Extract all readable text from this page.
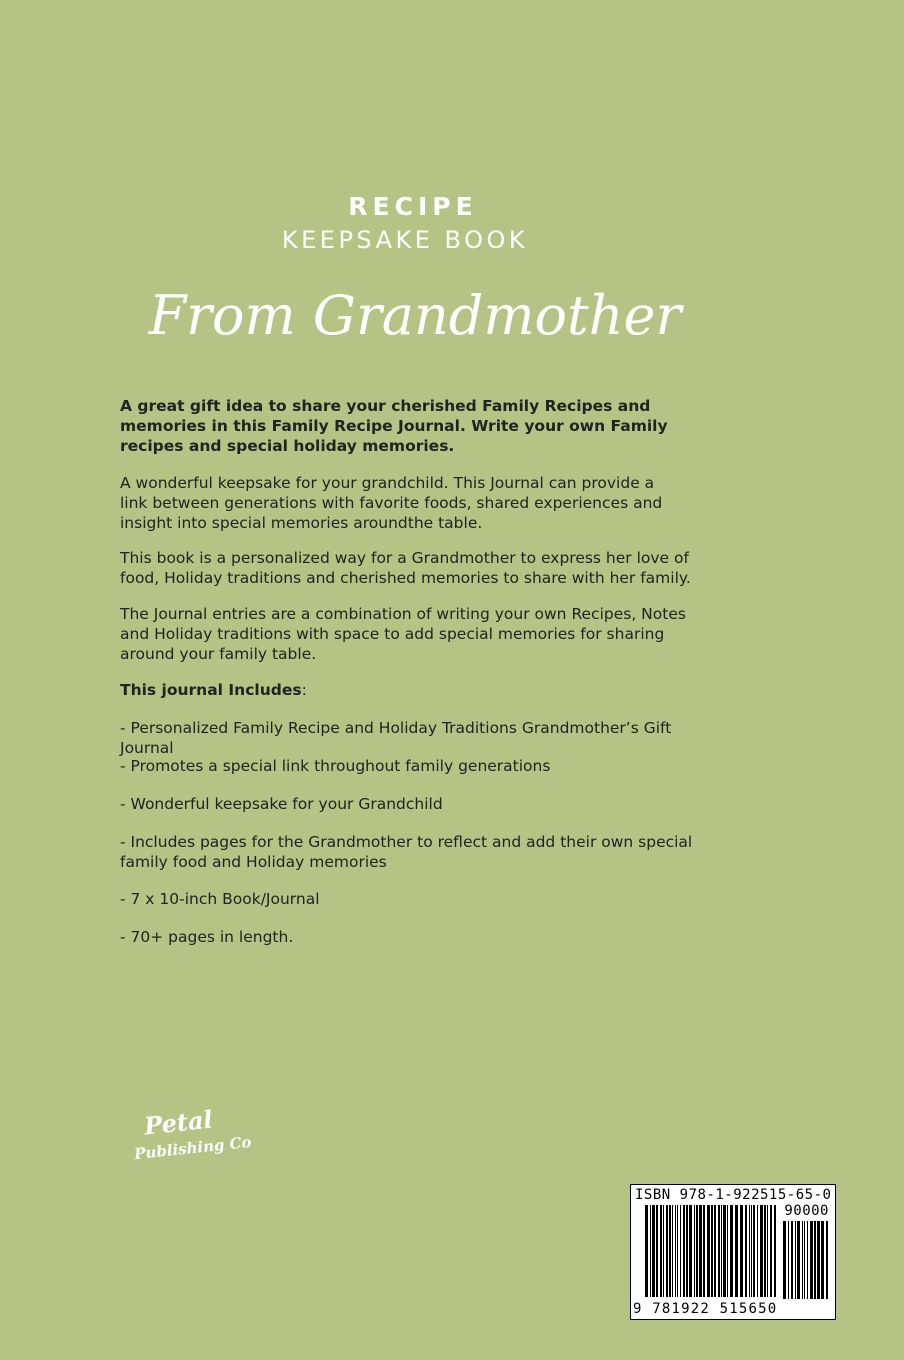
RECIPE
KEEPSAKE BOOK
From Grandmother
A great gift idea to share your cherished Family Recipes and memories in this Family Recipe Journal. Write your own Family recipes and special holiday memories.
A wonderful keepsake for your grandchild. This Journal can provide a link between generations with favorite foods, shared experiences and insight into special memories aroundthe table.
This book is a personalized way for a Grandmother to express her love of food, Holiday traditions and cherished memories to share with her family.
The Journal entries are a combination of writing your own Recipes, Notes and Holiday traditions with space to add special memories for sharing around your family table.
This journal Includes:
- Personalized Family Recipe and Holiday Traditions Grandmother’s Gift Journal
- Promotes a special link throughout family generations
- Wonderful keepsake for your Grandchild
- Includes pages for the Grandmother to reflect and add their own special family food and Holiday memories
- 7 x 10-inch Book/Journal
- 70+ pages in length.
Petal
Publishing Co
ISBN 978-1-922515-65-0
90000
9 781922 515650
